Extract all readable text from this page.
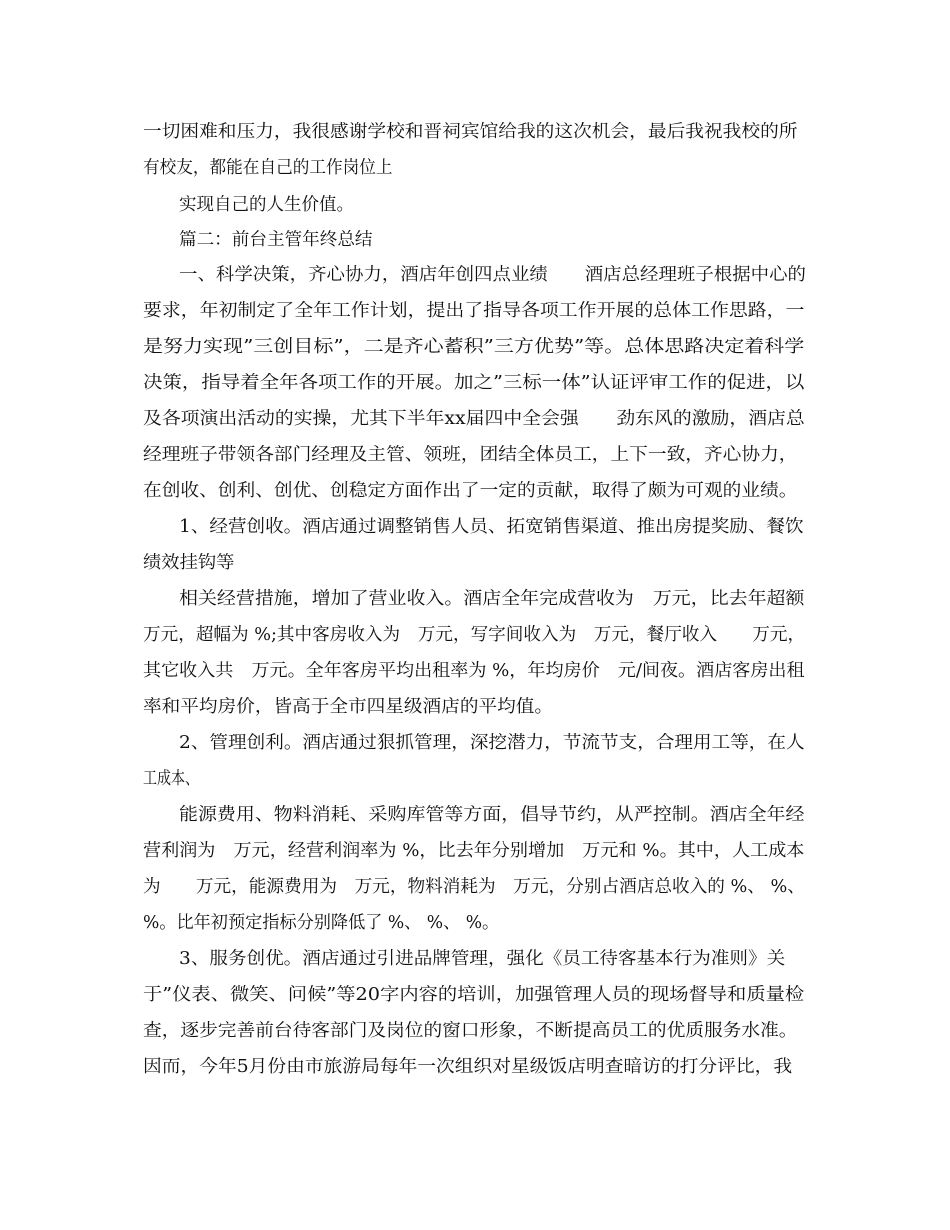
一切困难和压力，我很感谢学校和晋祠宾馆给我的这次机会，最后我祝我校的所
有校友，都能在自己的工作岗位上
实现自己的人生价值。
篇二：前台主管年终总结
一、科学决策，齐心协力，酒店年创四点业绩　　酒店总经理班子根据中心的
要求，年初制定了全年工作计划，提出了指导各项工作开展的总体工作思路，一
是努力实现”三创目标”，二是齐心蓄积”三方优势”等。总体思路决定着科学
决策，指导着全年各项工作的开展。加之”三标一体”认证评审工作的促进，以
及各项演出活动的实操，尤其下半年xx届四中全会强　　劲东风的激励，酒店总
经理班子带领各部门经理及主管、领班，团结全体员工，上下一致，齐心协力，
在创收、创利、创优、创稳定方面作出了一定的贡献，取得了颇为可观的业绩。
1、经营创收。酒店通过调整销售人员、拓宽销售渠道、推出房提奖励、餐饮
绩效挂钩等
相关经营措施，增加了营业收入。酒店全年完成营收为　万元，比去年超额
万元，超幅为 %;其中客房收入为　万元，写字间收入为　万元，餐厅收入　　万元，
其它收入共　万元。全年客房平均出租率为 %，年均房价　元/间夜。酒店客房出租
率和平均房价，皆高于全市四星级酒店的平均值。
2、管理创利。酒店通过狠抓管理，深挖潜力，节流节支，合理用工等，在人
工成本、
能源费用、物料消耗、采购库管等方面，倡导节约，从严控制。酒店全年经
营利润为　万元，经营利润率为 %，比去年分别增加　万元和 %。其中，人工成本
为　　万元，能源费用为　万元，物料消耗为　万元，分别占酒店总收入的 %、 %、
%。比年初预定指标分别降低了 %、 %、 %。
3、服务创优。酒店通过引进品牌管理，强化《员工待客基本行为准则》关
于”仪表、微笑、问候”等20字内容的培训，加强管理人员的现场督导和质量检
查，逐步完善前台待客部门及岗位的窗口形象，不断提高员工的优质服务水准。
因而，今年5月份由市旅游局每年一次组织对星级饭店明查暗访的打分评比，我
